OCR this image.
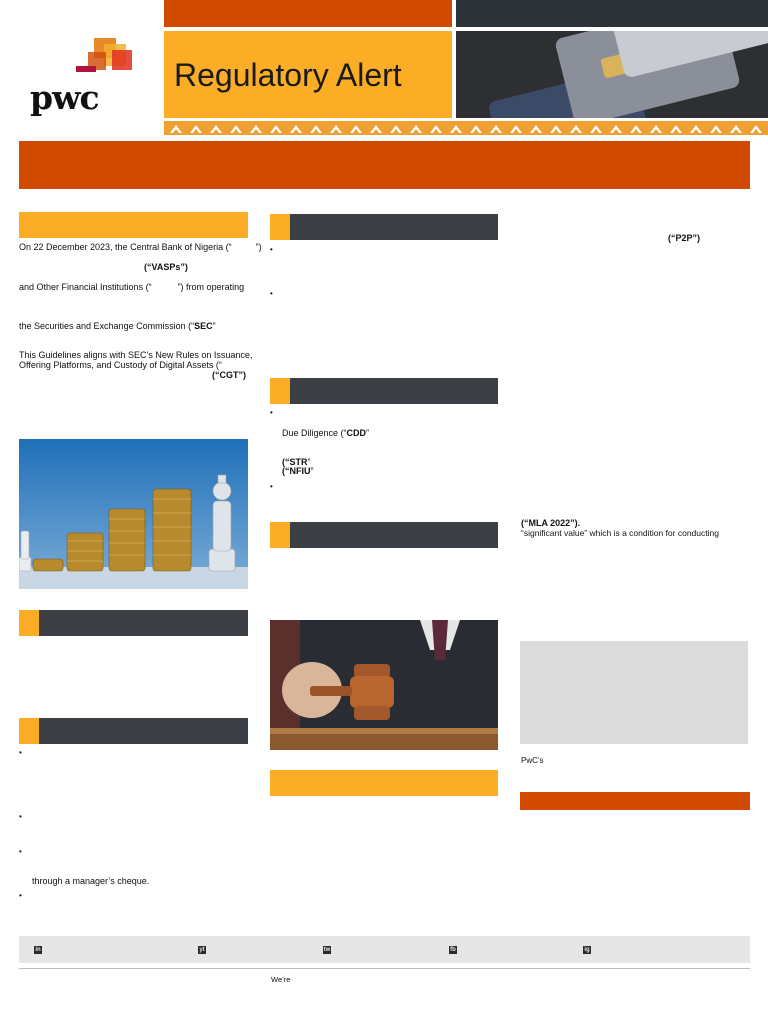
pwc
Regulatory Alert
On 22 December 2023, the Central Bank of Nigeria (“	”)
(“VASPs”)
and Other Financial Institutions (“	”) from operating
the Securities and Exchange Commission (“SEC”
This Guidelines aligns with SEC’s New Rules on Issuance,
Offering Platforms, and Custody of Digital Assets (“
(“CGT”)
•
•
•
through a manager’s cheque.
•
•
•
•
Due Diligence (“CDD”
(“STR”
(“NFIU”
•
(“P2P”)
(“MLA 2022”).
“significant value” which is a condition for conducting
PwC’s
in	yt	tw	fb	ig
We’re
